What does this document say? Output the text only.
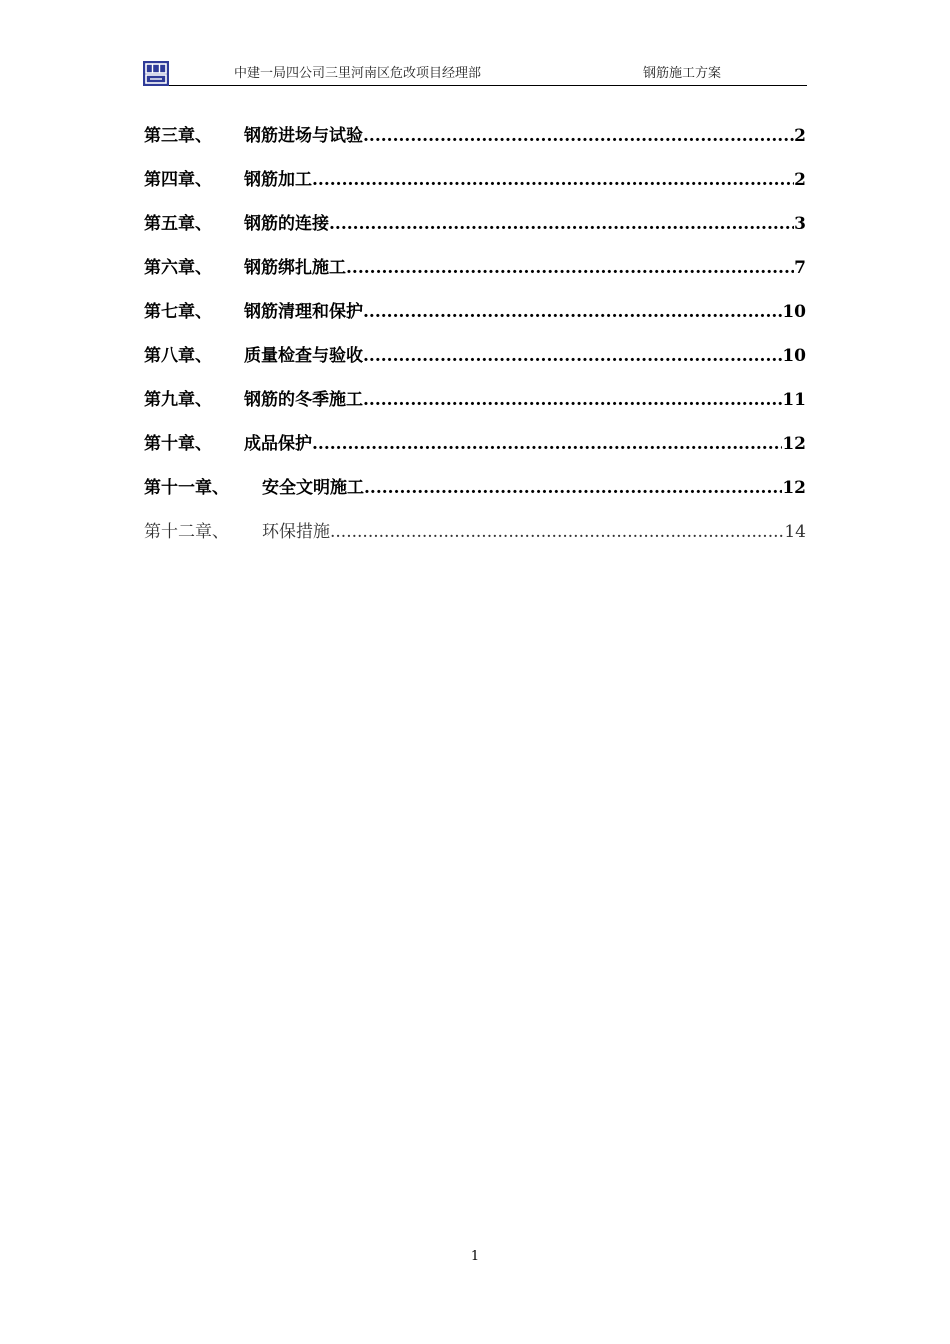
中建一局四公司三里河南区危改项目经理部	钢筋施工方案
第三章、	钢筋进场与试验 .....	2
第四章、	钢筋加工 .....	2
第五章、	钢筋的连接 .....	3
第六章、	钢筋绑扎施工 .....	7
第七章、	钢筋清理和保护 .....	10
第八章、	质量检查与验收 .....	10
第九章、	钢筋的冬季施工 .....	11
第十章、	成品保护 .....	12
第十一章、	安全文明施工 .....	12
第十二章、	环保措施 .....	14
1
